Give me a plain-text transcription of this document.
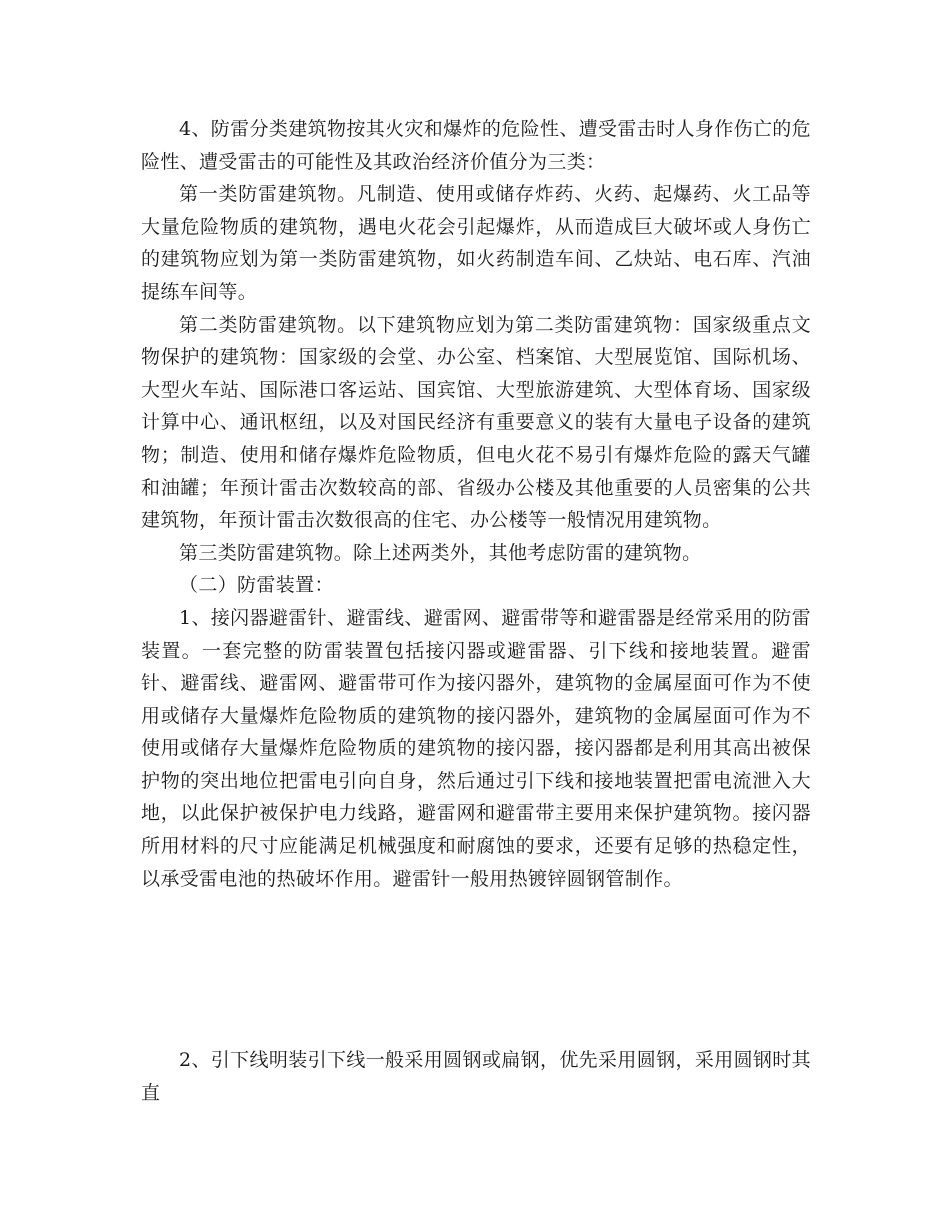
4、防雷分类建筑物按其火灾和爆炸的危险性、遭受雷击时人身作伤亡的危险性、遭受雷击的可能性及其政治经济价值分为三类：

第一类防雷建筑物。凡制造、使用或储存炸药、火药、起爆药、火工品等大量危险物质的建筑物，遇电火花会引起爆炸，从而造成巨大破坏或人身伤亡的建筑物应划为第一类防雷建筑物，如火药制造车间、乙炔站、电石库、汽油提练车间等。

第二类防雷建筑物。以下建筑物应划为第二类防雷建筑物：国家级重点文物保护的建筑物：国家级的会堂、办公室、档案馆、大型展览馆、国际机场、大型火车站、国际港口客运站、国宾馆、大型旅游建筑、大型体育场、国家级计算中心、通讯枢纽，以及对国民经济有重要意义的装有大量电子设备的建筑物；制造、使用和储存爆炸危险物质，但电火花不易引有爆炸危险的露天气罐和油罐；年预计雷击次数较高的部、省级办公楼及其他重要的人员密集的公共建筑物，年预计雷击次数很高的住宅、办公楼等一般情况用建筑物。

第三类防雷建筑物。除上述两类外，其他考虑防雷的建筑物。

（二）防雷装置：

1、接闪器避雷针、避雷线、避雷网、避雷带等和避雷器是经常采用的防雷装置。一套完整的防雷装置包括接闪器或避雷器、引下线和接地装置。避雷针、避雷线、避雷网、避雷带可作为接闪器外，建筑物的金属屋面可作为不使用或储存大量爆炸危险物质的建筑物的接闪器外，建筑物的金属屋面可作为不使用或储存大量爆炸危险物质的建筑物的接闪器，接闪器都是利用其高出被保护物的突出地位把雷电引向自身，然后通过引下线和接地装置把雷电流泄入大地，以此保护被保护电力线路，避雷网和避雷带主要用来保护建筑物。接闪器所用材料的尺寸应能满足机械强度和耐腐蚀的要求，还要有足够的热稳定性，以承受雷电池的热破坏作用。避雷针一般用热镀锌圆钢管制作。

2、引下线明装引下线一般采用圆钢或扁钢，优先采用圆钢，采用圆钢时其直
